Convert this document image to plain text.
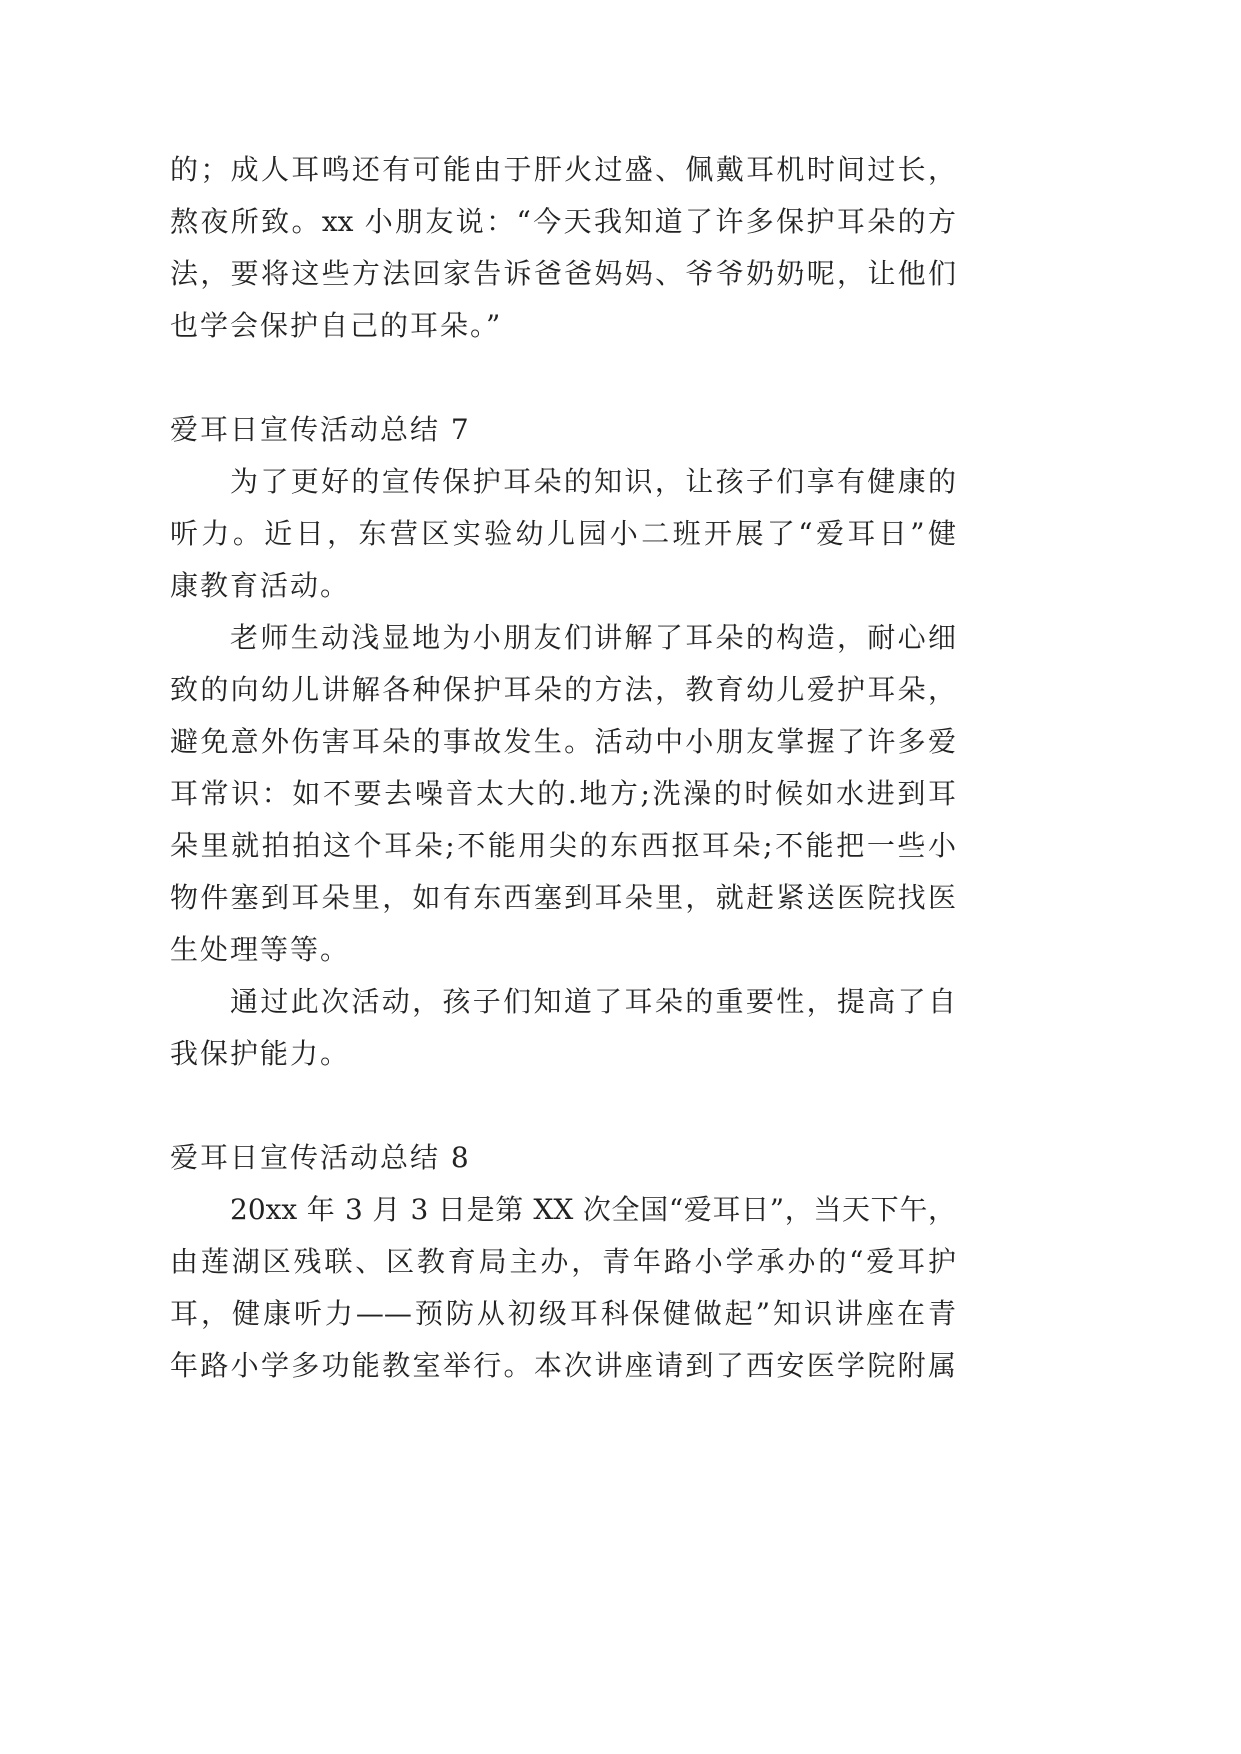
的；成人耳鸣还有可能由于肝火过盛、佩戴耳机时间过长，
熬夜所致。xx 小朋友说：“今天我知道了许多保护耳朵的方
法，要将这些方法回家告诉爸爸妈妈、爷爷奶奶呢，让他们
也学会保护自己的耳朵。”
爱耳日宣传活动总结 7
为了更好的宣传保护耳朵的知识，让孩子们享有健康的
听力。近日，东营区实验幼儿园小二班开展了“爱耳日”健
康教育活动。
老师生动浅显地为小朋友们讲解了耳朵的构造，耐心细
致的向幼儿讲解各种保护耳朵的方法，教育幼儿爱护耳朵，
避免意外伤害耳朵的事故发生。活动中小朋友掌握了许多爱
耳常识：如不要去噪音太大的.地方;洗澡的时候如水进到耳
朵里就拍拍这个耳朵;不能用尖的东西抠耳朵;不能把一些小
物件塞到耳朵里，如有东西塞到耳朵里，就赶紧送医院找医
生处理等等。
通过此次活动，孩子们知道了耳朵的重要性，提高了自
我保护能力。
爱耳日宣传活动总结 8
20xx 年 3 月 3 日是第 XX 次全国“爱耳日”，当天下午，
由莲湖区残联、区教育局主办，青年路小学承办的“爱耳护
耳，健康听力——预防从初级耳科保健做起”知识讲座在青
年路小学多功能教室举行。本次讲座请到了西安医学院附属
